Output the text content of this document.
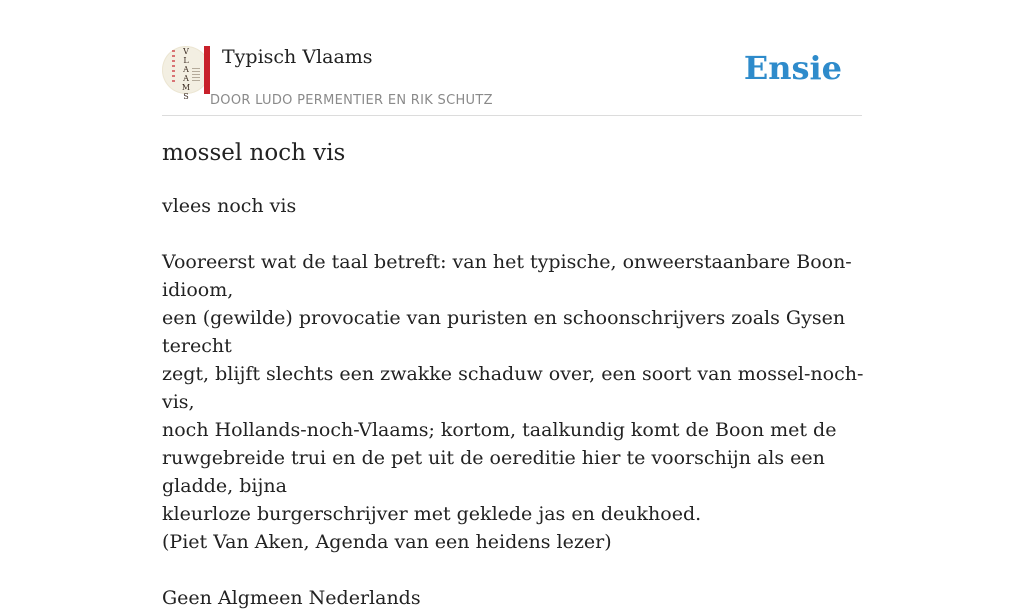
V
L
A
A
M
S
Typisch Vlaams
DOOR LUDO PERMENTIER EN RIK SCHUTZ
Ensie
mossel noch vis

vlees noch vis

Vooreerst wat de taal betreft: van het typische, onweerstaanbare Boon-idioom,

een (gewilde) provocatie van puristen en schoonschrijvers zoals Gysen terecht

zegt, blijft slechts een zwakke schaduw over, een soort van mossel-noch-vis,

noch Hollands-noch-Vlaams; kortom, taalkundig komt de Boon met de

ruwgebreide trui en de pet uit de oereditie hier te voorschijn als een gladde, bijna

kleurloze burgerschrijver met geklede jas en deukhoed.

(Piet Van Aken, Agenda van een heidens lezer)

Geen Algmeen Nederlands
